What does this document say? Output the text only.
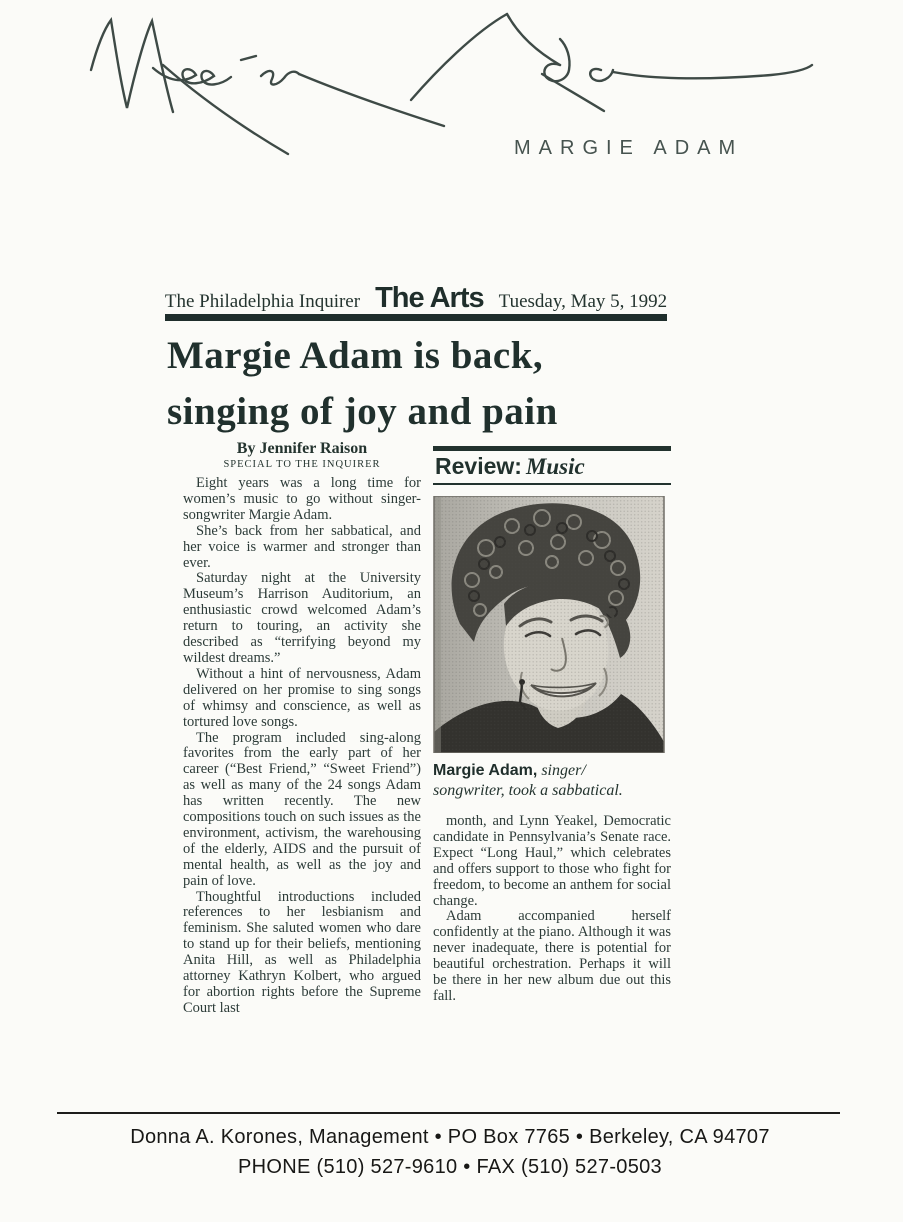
MARGIE ADAM
The Philadelphia Inquirer The Arts Tuesday, May 5, 1992
Margie Adam is back,
singing of joy and pain
By Jennifer Raison
SPECIAL TO THE INQUIRER

Eight years was a long time for women’s music to go without singer-songwriter Margie Adam.

She’s back from her sabbatical, and her voice is warmer and stronger than ever.

Saturday night at the University Museum’s Harrison Auditorium, an enthusiastic crowd welcomed Adam’s return to touring, an activity she described as “terrifying beyond my wildest dreams.”

Without a hint of nervousness, Adam delivered on her promise to sing songs of whimsy and conscience, as well as tortured love songs.

The program included sing-along favorites from the early part of her career (“Best Friend,” “Sweet Friend”) as well as many of the 24 songs Adam has written recently. The new compositions touch on such issues as the environment, activism, the warehousing of the elderly, AIDS and the pursuit of mental health, as well as the joy and pain of love.

Thoughtful introductions included references to her lesbianism and feminism. She saluted women who dare to stand up for their beliefs, mentioning Anita Hill, as well as Philadelphia attorney Kathryn Kolbert, who argued for abortion rights before the Supreme Court last

Review: Music
Margie Adam, singer/ songwriter, took a sabbatical.

month, and Lynn Yeakel, Democratic candidate in Pennsylvania’s Senate race. Expect “Long Haul,” which celebrates and offers support to those who fight for freedom, to become an anthem for social change.

Adam accompanied herself confidently at the piano. Although it was never inadequate, there is potential for beautiful orchestration. Perhaps it will be there in her new album due out this fall.

Donna A. Korones, Management • PO Box 7765 • Berkeley, CA 94707
PHONE (510) 527-9610 • FAX (510) 527-0503
